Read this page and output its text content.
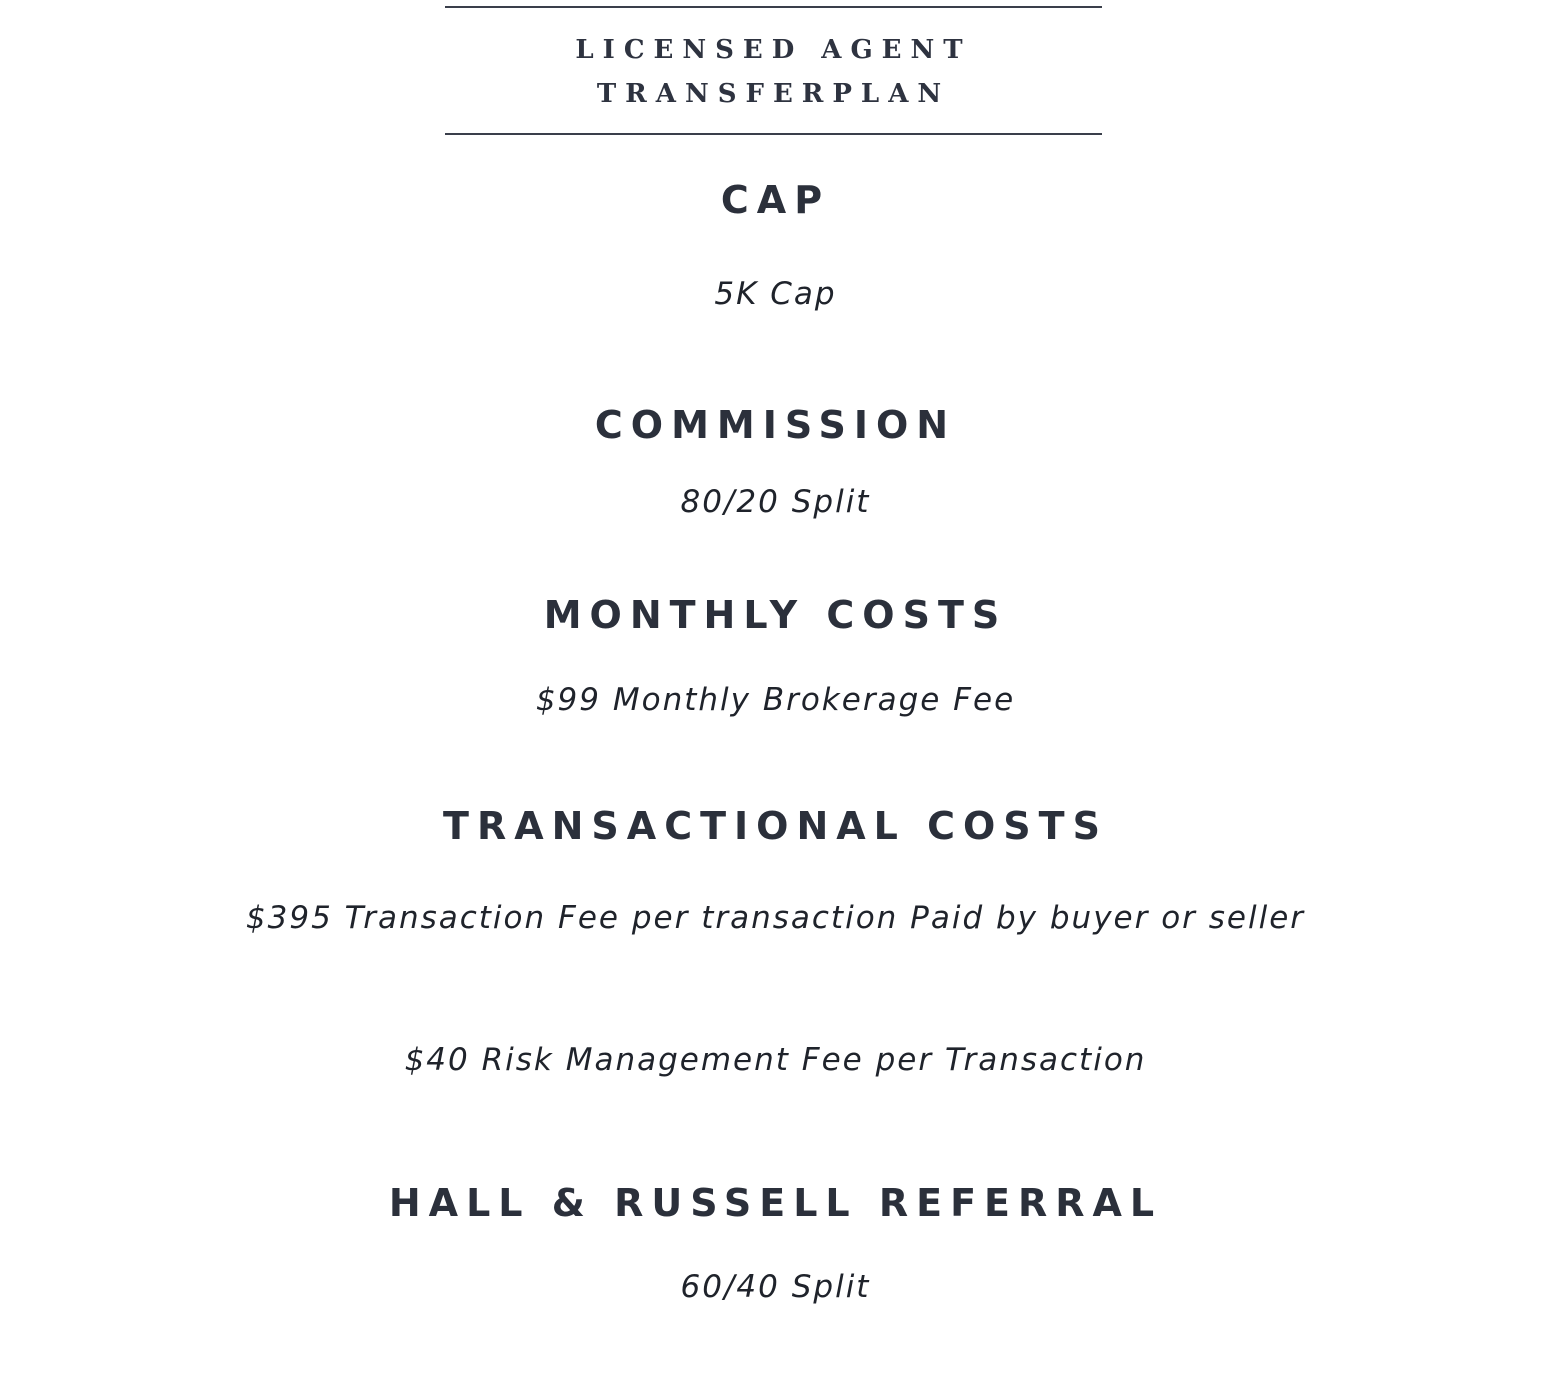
LICENSED AGENT
TRANSFERPLAN
CAP
5K Cap
COMMISSION
80/20 Split
MONTHLY COSTS
$99 Monthly Brokerage Fee
TRANSACTIONAL COSTS
$395 Transaction Fee per transaction Paid by buyer or seller
$40 Risk Management Fee per Transaction
HALL & RUSSELL REFERRAL
60/40 Split
